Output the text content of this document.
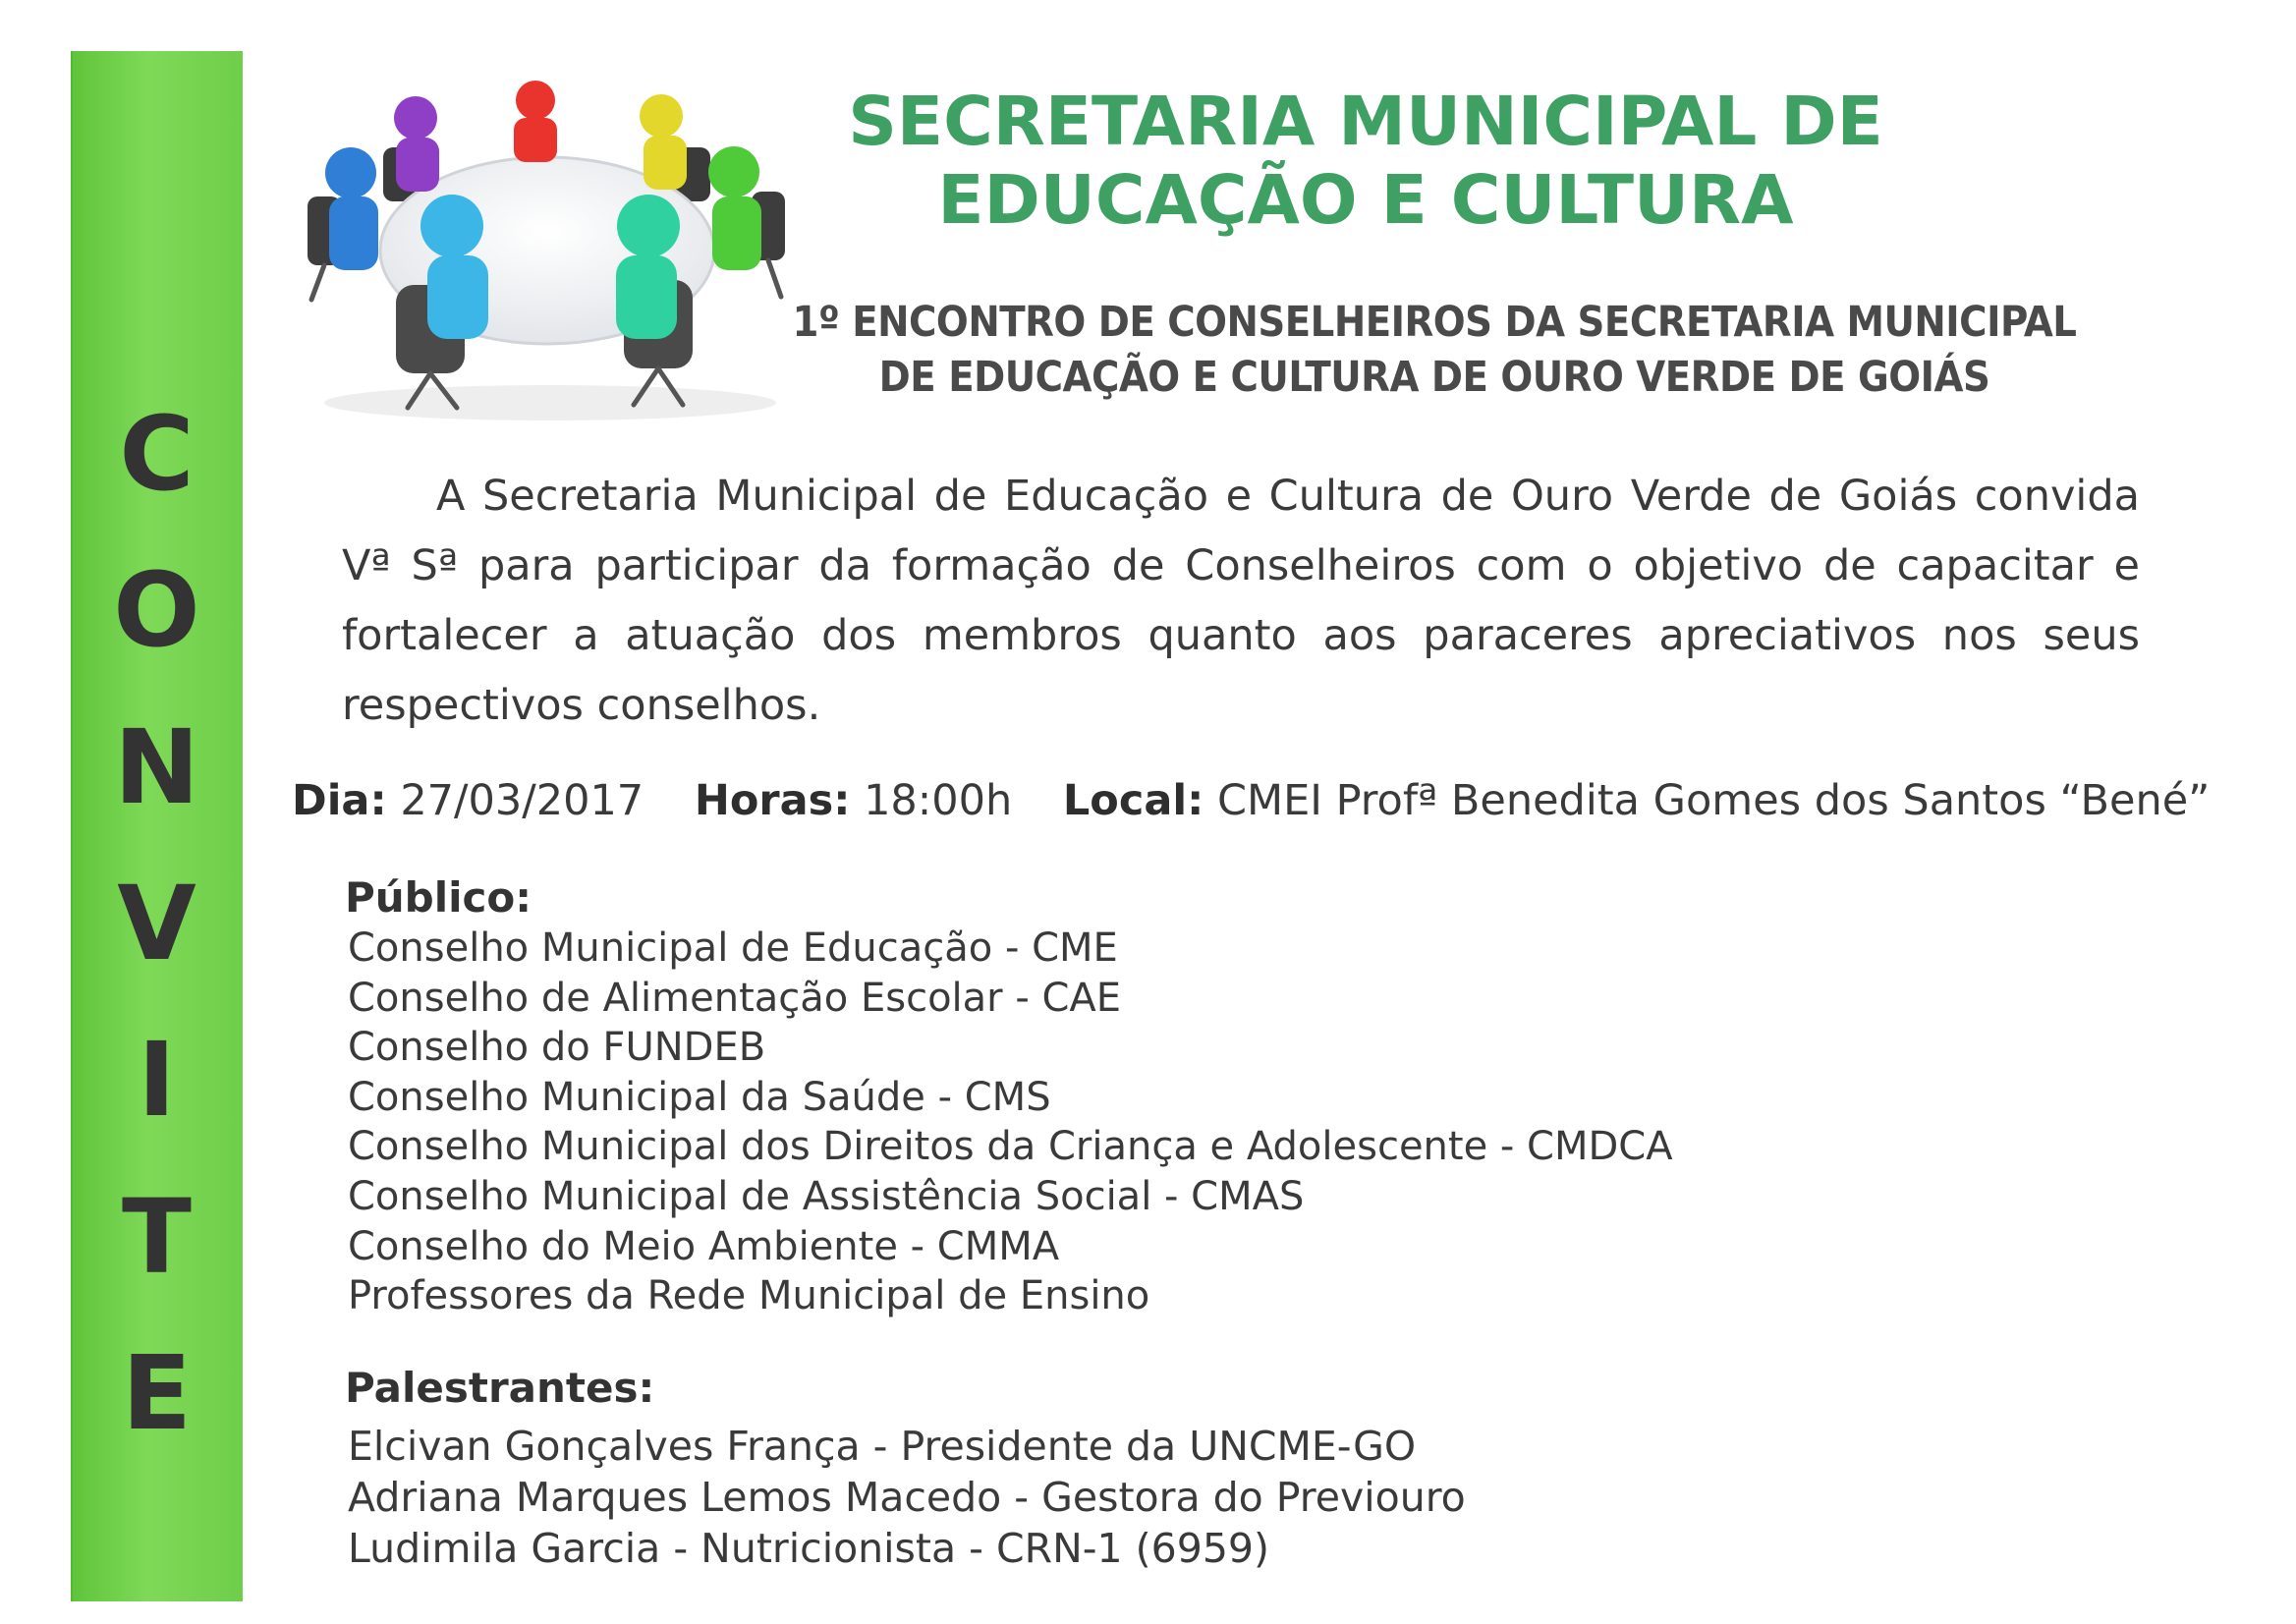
C
O
N
V
I
T
E
SECRETARIA MUNICIPAL DE
EDUCAÇÃO E CULTURA
1º ENCONTRO DE CONSELHEIROS DA SECRETARIA MUNICIPAL
DE EDUCAÇÃO E CULTURA DE OURO VERDE DE GOIÁS

A Secretaria Municipal de Educação e Cultura de Ouro Verde de Goiás convida Vª Sª para participar da formação de Conselheiros com o objetivo de capacitar e fortalecer a atuação dos membros quanto aos paraceres apreciativos nos seus respectivos conselhos.

Dia: 27/03/2017 Horas: 18:00h Local: CMEI Profª Benedita Gomes dos Santos “Bené”
Público:
Conselho Municipal de Educação - CME
Conselho de Alimentação Escolar - CAE
Conselho do FUNDEB
Conselho Municipal da Saúde - CMS
Conselho Municipal dos Direitos da Criança e Adolescente - CMDCA
Conselho Municipal de Assistência Social - CMAS
Conselho do Meio Ambiente - CMMA
Professores da Rede Municipal de Ensino
Palestrantes:
Elcivan Gonçalves França - Presidente da UNCME-GO
Adriana Marques Lemos Macedo - Gestora do Previouro
Ludimila Garcia - Nutricionista - CRN-1 (6959)
